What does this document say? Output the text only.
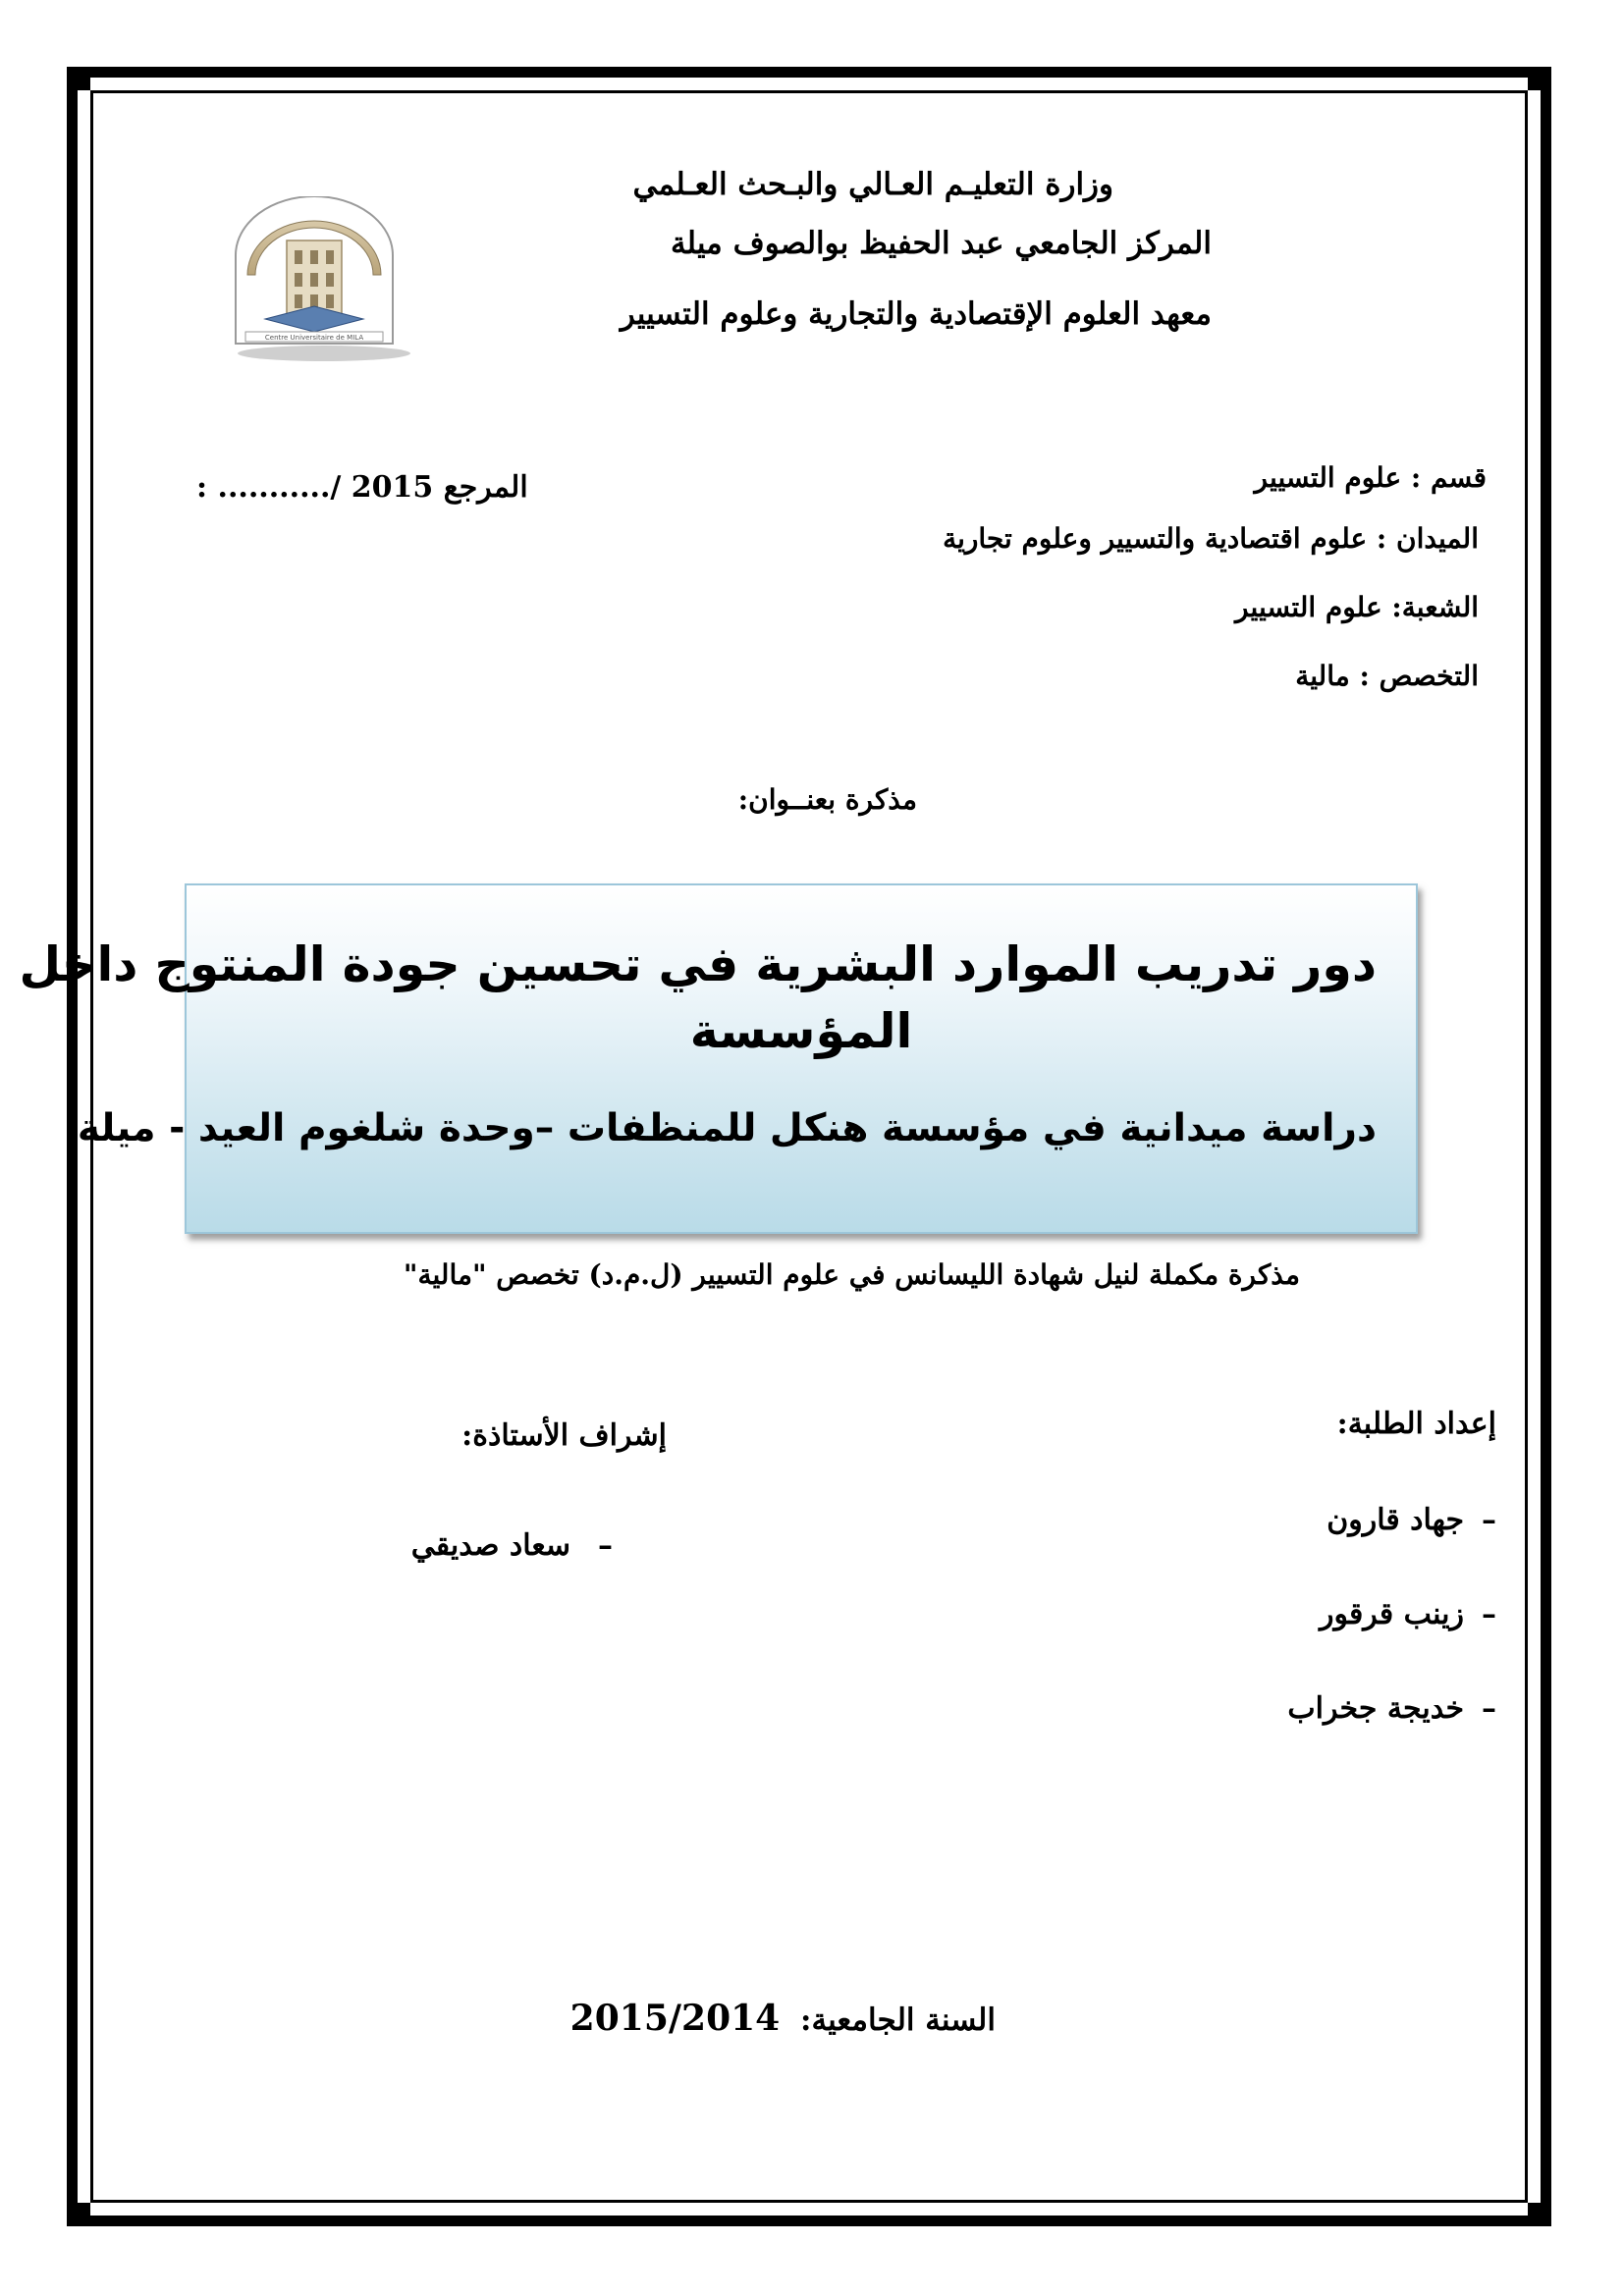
وزارة التعليـم العـالي والبـحث العـلمي
المركز الجامعي عبد الحفيظ بوالصوف ميلة
معهد العلوم الإقتصادية والتجارية وعلوم التسيير
Centre Universitaire de MILA
المرجع : .........../ 2015	قسم : علوم التسيير
الميدان : علوم اقتصادية والتسيير وعلوم تجارية
الشعبة: علوم التسيير
التخصص : مالية
مذكرة بعنــوان:
دور تدريب الموارد البشرية في تحسين جودة المنتوج داخل
المؤسسة
دراسة ميدانية في مؤسسة هنكل للمنظفات –وحدة شلغوم العيد - ميلة
مذكرة مكملة لنيل شهادة الليسانس في علوم التسيير (ل.م.د) تخصص "مالية"
إعداد الطلبة:
–جهاد قارون
–زينب قرقور
–خديجة جخراب
إشراف الأستاذة:
–سعاد صديقي
السنة الجامعية: 2015/2014
